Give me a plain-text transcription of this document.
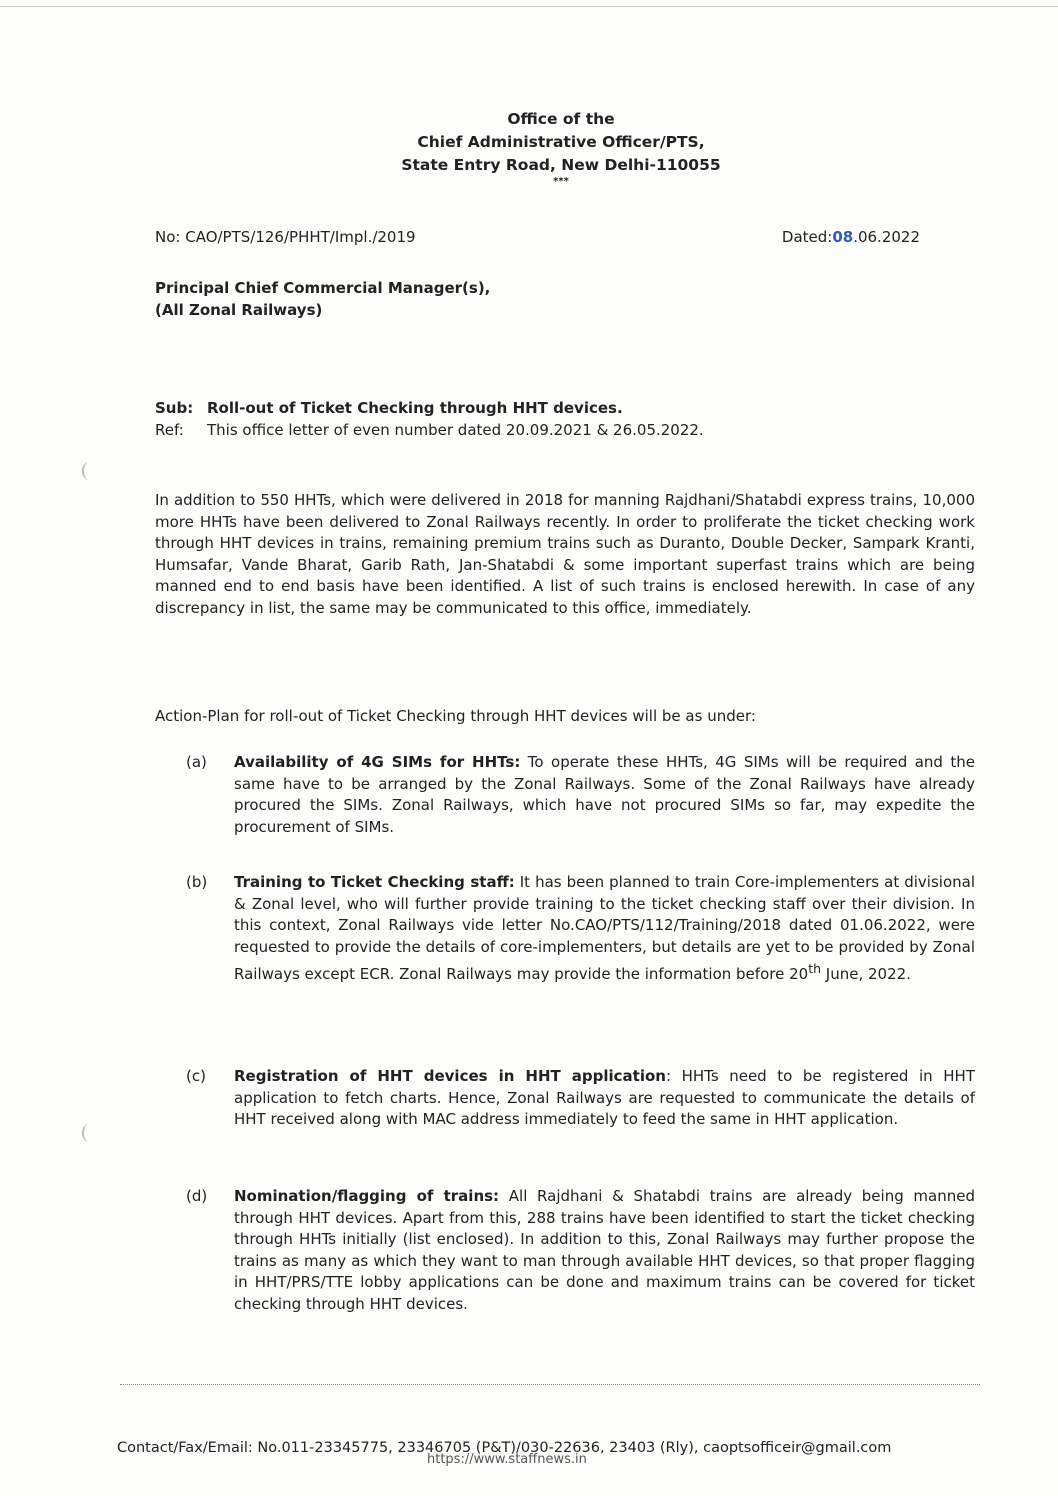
Office of the
Chief Administrative Officer/PTS,
State Entry Road, New Delhi-110055
***
No: CAO/PTS/126/PHHT/Impl./2019	Dated:08.06.2022
Principal Chief Commercial Manager(s),
(All Zonal Railways)
Sub: Roll-out of Ticket Checking through HHT devices.
Ref: This office letter of even number dated 20.09.2021 & 26.05.2022.
In addition to 550 HHTs, which were delivered in 2018 for manning Rajdhani/Shatabdi express trains, 10,000 more HHTs have been delivered to Zonal Railways recently. In order to proliferate the ticket checking work through HHT devices in trains, remaining premium trains such as Duranto, Double Decker, Sampark Kranti, Humsafar, Vande Bharat, Garib Rath, Jan-Shatabdi & some important superfast trains which are being manned end to end basis have been identified. A list of such trains is enclosed herewith. In case of any discrepancy in list, the same may be communicated to this office, immediately.
Action-Plan for roll-out of Ticket Checking through HHT devices will be as under:
(a) Availability of 4G SIMs for HHTs: To operate these HHTs, 4G SIMs will be required and the same have to be arranged by the Zonal Railways. Some of the Zonal Railways have already procured the SIMs. Zonal Railways, which have not procured SIMs so far, may expedite the procurement of SIMs.
(b) Training to Ticket Checking staff: It has been planned to train Core-implementers at divisional & Zonal level, who will further provide training to the ticket checking staff over their division. In this context, Zonal Railways vide letter No.CAO/PTS/112/Training/2018 dated 01.06.2022, were requested to provide the details of core-implementers, but details are yet to be provided by Zonal Railways except ECR. Zonal Railways may provide the information before 20th June, 2022.
(c) Registration of HHT devices in HHT application: HHTs need to be registered in HHT application to fetch charts. Hence, Zonal Railways are requested to communicate the details of HHT received along with MAC address immediately to feed the same in HHT application.
(d) Nomination/flagging of trains: All Rajdhani & Shatabdi trains are already being manned through HHT devices. Apart from this, 288 trains have been identified to start the ticket checking through HHTs initially (list enclosed). In addition to this, Zonal Railways may further propose the trains as many as which they want to man through available HHT devices, so that proper flagging in HHT/PRS/TTE lobby applications can be done and maximum trains can be covered for ticket checking through HHT devices.
Contact/Fax/Email: No.011-23345775, 23346705 (P&T)/030-22636, 23403 (Rly), caoptsofficeir@gmail.com
https://www.staffnews.in
